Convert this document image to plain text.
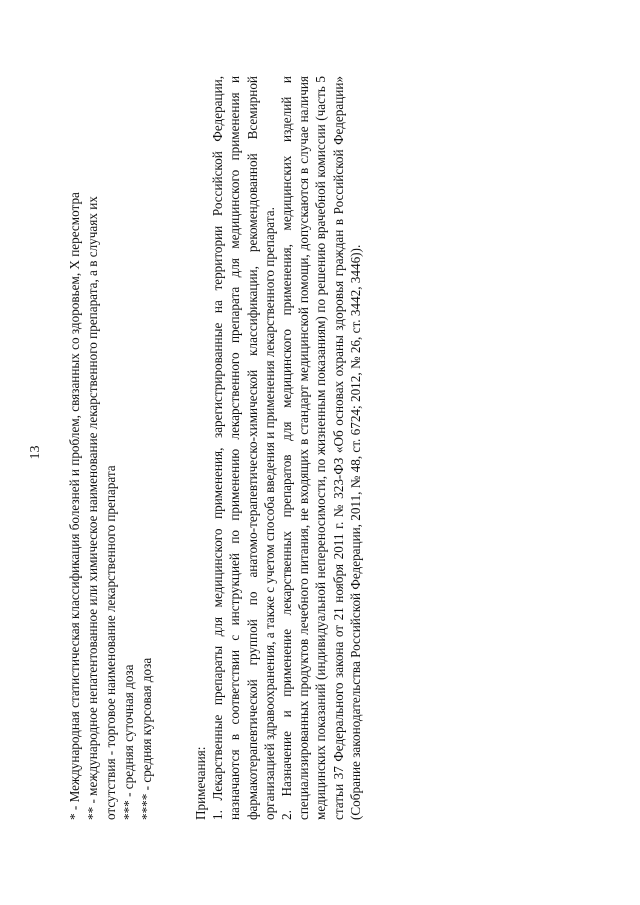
13 * - Международная статистическая классификация болезней и проблем, связанных со здоровьем, X пересмотра ** - международное непатентованное или химическое наименование лекарственного препарата, а в случаях их отсутствия - торговое наименование лекарственного препарата *** - средняя суточная доза **** - средняя курсовая доза	Примечания: 1. Лекарственные препараты для медицинского применения, зарегистрированные на территории Российской Федерации, назначаются в соответствии с инструкцией по применению лекарственного препарата для медицинского применения и фармакотерапевтической группой по анатомо-терапевтическо-химической классификации, рекомендованной Всемирной организацией здравоохранения, а также с учетом способа введения и применения лекарственного препарата. 2. Назначение и применение лекарственных препаратов для медицинского применения, медицинских изделий и специализированных продуктов лечебного питания, не входящих в стандарт медицинской помощи, допускаются в случае наличия медицинских показаний (индивидуальной непереносимости, по жизненным показаниям) по решению врачебной комиссии (часть 5 статьи 37 Федерального закона от 21 ноября 2011 г. № 323-ФЗ «Об основах охраны здоровья граждан в Российской Федерации» (Собрание законодательства Российской Федерации, 2011, № 48, ст. 6724; 2012, № 26, ст. 3442, 3446)).
